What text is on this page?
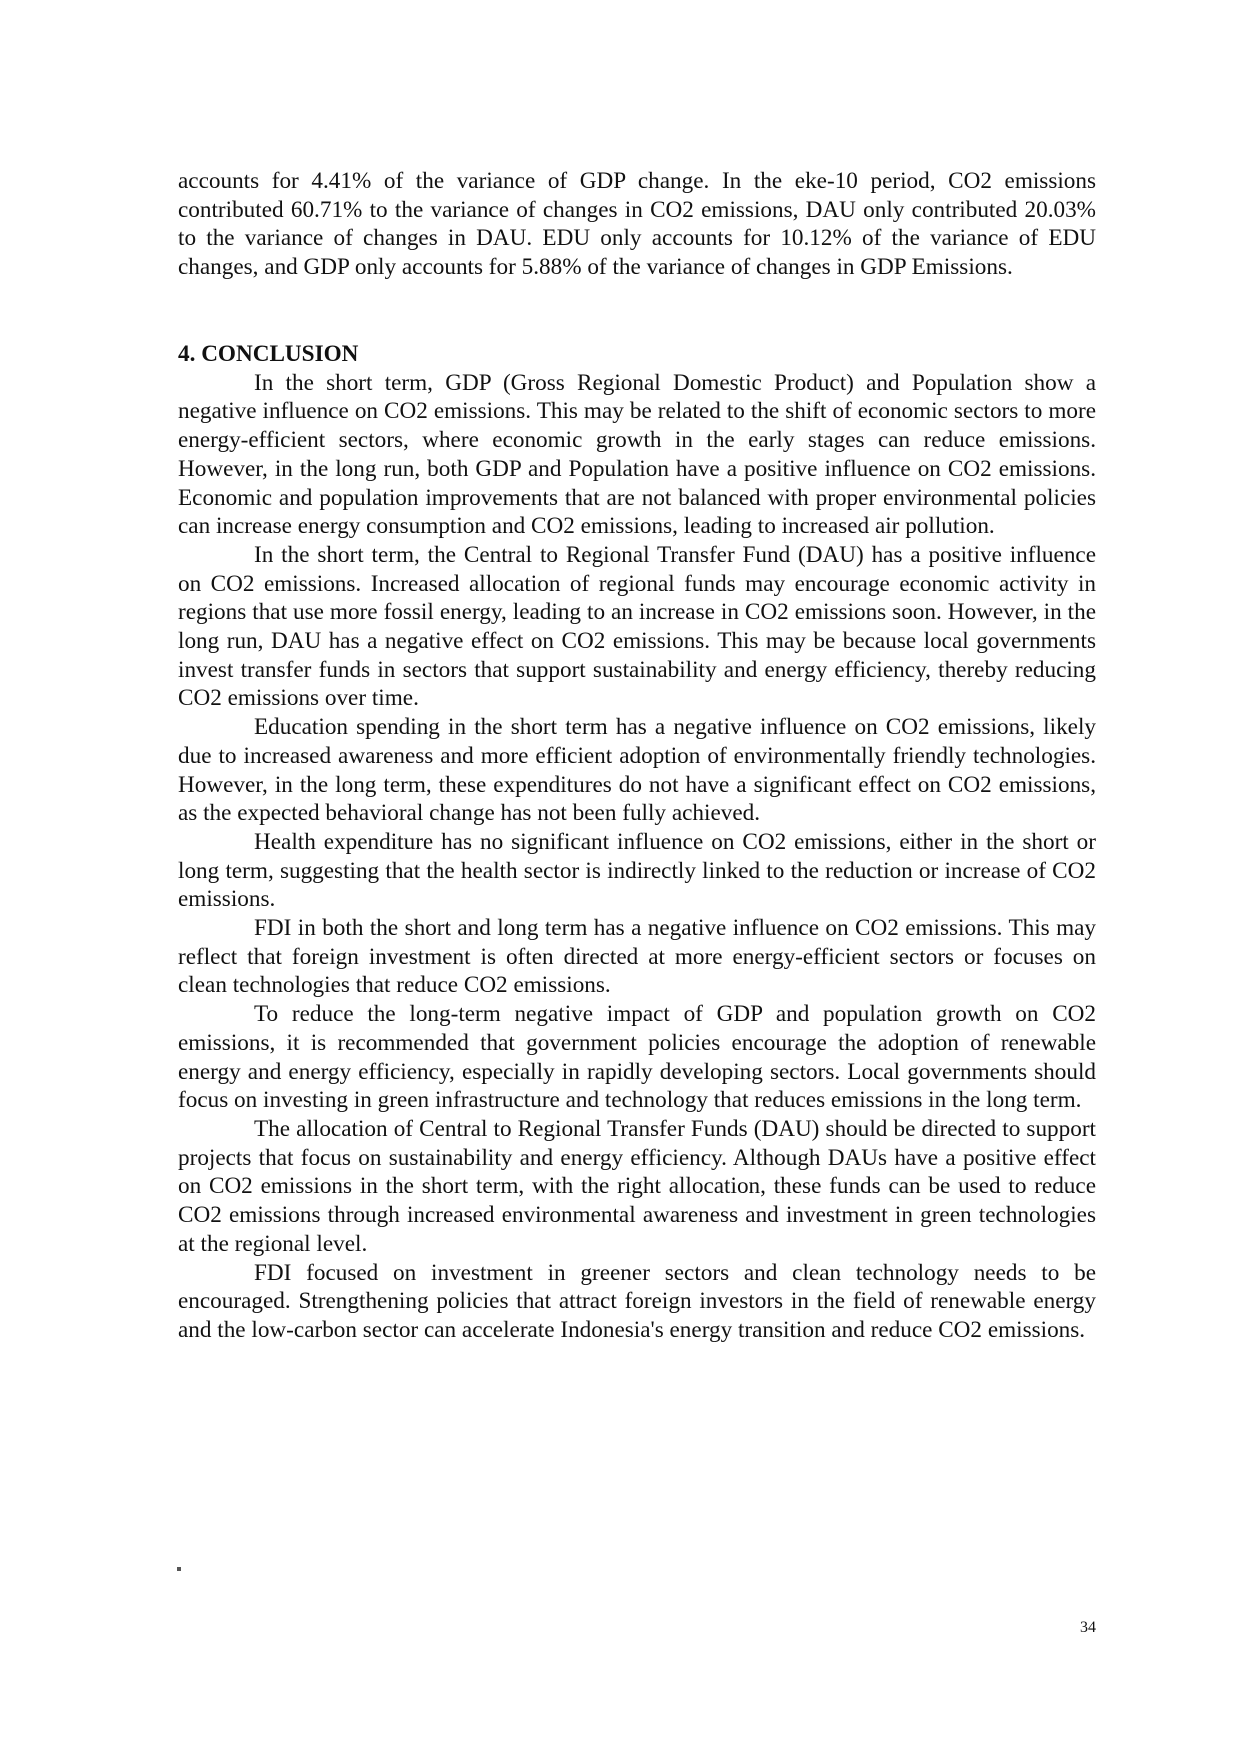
accounts for 4.41% of the variance of GDP change. In the eke-10 period, CO2 emissions contributed 60.71% to the variance of changes in CO2 emissions, DAU only contributed 20.03% to the variance of changes in DAU. EDU only accounts for 10.12% of the variance of EDU changes, and GDP only accounts for 5.88% of the variance of changes in GDP Emissions.

4. CONCLUSION

In the short term, GDP (Gross Regional Domestic Product) and Population show a negative influence on CO2 emissions. This may be related to the shift of economic sectors to more energy-efficient sectors, where economic growth in the early stages can reduce emissions. However, in the long run, both GDP and Population have a positive influence on CO2 emissions. Economic and population improvements that are not balanced with proper environmental policies can increase energy consumption and CO2 emissions, leading to increased air pollution.

In the short term, the Central to Regional Transfer Fund (DAU) has a positive influence on CO2 emissions. Increased allocation of regional funds may encourage economic activity in regions that use more fossil energy, leading to an increase in CO2 emissions soon. However, in the long run, DAU has a negative effect on CO2 emissions. This may be because local governments invest transfer funds in sectors that support sustainability and energy efficiency, thereby reducing CO2 emissions over time.

Education spending in the short term has a negative influence on CO2 emissions, likely due to increased awareness and more efficient adoption of environmentally friendly technologies. However, in the long term, these expenditures do not have a significant effect on CO2 emissions, as the expected behavioral change has not been fully achieved.

Health expenditure has no significant influence on CO2 emissions, either in the short or long term, suggesting that the health sector is indirectly linked to the reduction or increase of CO2 emissions.

FDI in both the short and long term has a negative influence on CO2 emissions. This may reflect that foreign investment is often directed at more energy-efficient sectors or focuses on clean technologies that reduce CO2 emissions.

To reduce the long-term negative impact of GDP and population growth on CO2 emissions, it is recommended that government policies encourage the adoption of renewable energy and energy efficiency, especially in rapidly developing sectors. Local governments should focus on investing in green infrastructure and technology that reduces emissions in the long term.

The allocation of Central to Regional Transfer Funds (DAU) should be directed to support projects that focus on sustainability and energy efficiency. Although DAUs have a positive effect on CO2 emissions in the short term, with the right allocation, these funds can be used to reduce CO2 emissions through increased environmental awareness and investment in green technologies at the regional level.

FDI focused on investment in greener sectors and clean technology needs to be encouraged. Strengthening policies that attract foreign investors in the field of renewable energy and the low-carbon sector can accelerate Indonesia's energy transition and reduce CO2 emissions.

34
